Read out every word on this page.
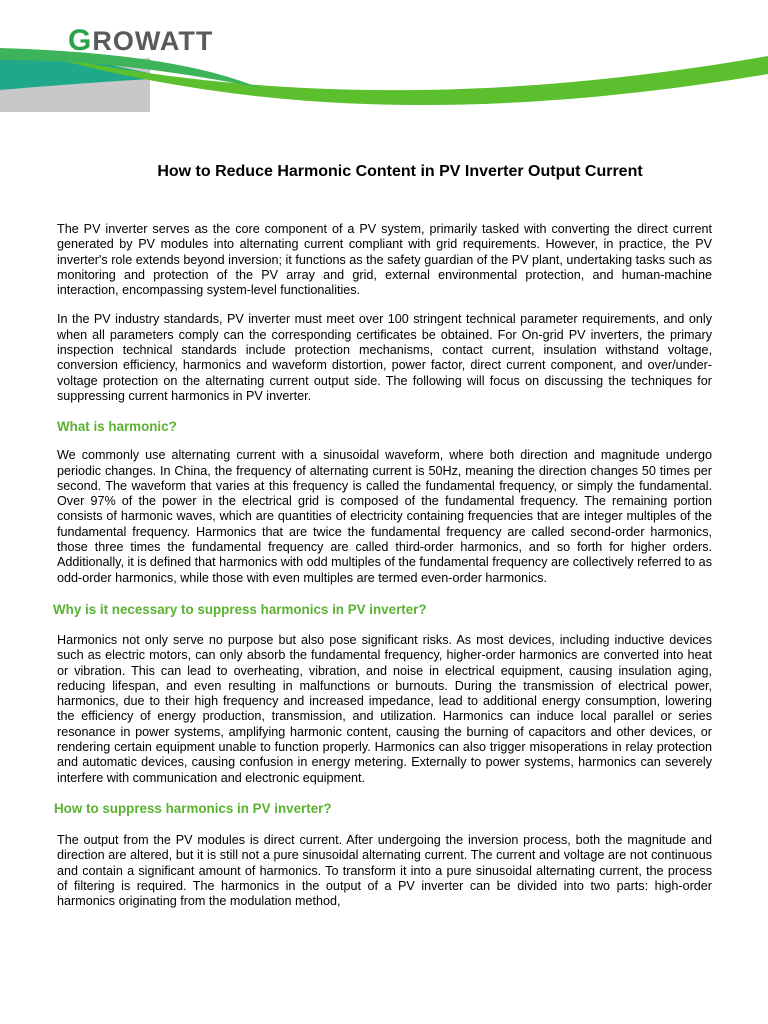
G ROWATT
How to Reduce Harmonic Content in PV Inverter Output Current

The PV inverter serves as the core component of a PV system, primarily tasked with converting the direct current generated by PV modules into alternating current compliant with grid requirements. However, in practice, the PV inverter's role extends beyond inversion; it functions as the safety guardian of the PV plant, undertaking tasks such as monitoring and protection of the PV array and grid, external environmental protection, and human-machine interaction, encompassing system-level functionalities.

In the PV industry standards, PV inverter must meet over 100 stringent technical parameter requirements, and only when all parameters comply can the corresponding certificates be obtained. For On-grid PV inverters, the primary inspection technical standards include protection mechanisms, contact current, insulation withstand voltage, conversion efficiency, harmonics and waveform distortion, power factor, direct current component, and over/under-voltage protection on the alternating current output side. The following will focus on discussing the techniques for suppressing current harmonics in PV inverter.

What is harmonic?

We commonly use alternating current with a sinusoidal waveform, where both direction and magnitude undergo periodic changes. In China, the frequency of alternating current is 50Hz, meaning the direction changes 50 times per second. The waveform that varies at this frequency is called the fundamental frequency, or simply the fundamental. Over 97% of the power in the electrical grid is composed of the fundamental frequency. The remaining portion consists of harmonic waves, which are quantities of electricity containing frequencies that are integer multiples of the fundamental frequency. Harmonics that are twice the fundamental frequency are called second-order harmonics, those three times the fundamental frequency are called third-order harmonics, and so forth for higher orders. Additionally, it is defined that harmonics with odd multiples of the fundamental frequency are collectively referred to as odd-order harmonics, while those with even multiples are termed even-order harmonics.

Why is it necessary to suppress harmonics in PV inverter?

Harmonics not only serve no purpose but also pose significant risks. As most devices, including inductive devices such as electric motors, can only absorb the fundamental frequency, higher-order harmonics are converted into heat or vibration. This can lead to overheating, vibration, and noise in electrical equipment, causing insulation aging, reducing lifespan, and even resulting in malfunctions or burnouts. During the transmission of electrical power, harmonics, due to their high frequency and increased impedance, lead to additional energy consumption, lowering the efficiency of energy production, transmission, and utilization. Harmonics can induce local parallel or series resonance in power systems, amplifying harmonic content, causing the burning of capacitors and other devices, or rendering certain equipment unable to function properly. Harmonics can also trigger misoperations in relay protection and automatic devices, causing confusion in energy metering. Externally to power systems, harmonics can severely interfere with communication and electronic equipment.

How to suppress harmonics in PV inverter?

The output from the PV modules is direct current. After undergoing the inversion process, both the magnitude and direction are altered, but it is still not a pure sinusoidal alternating current. The current and voltage are not continuous and contain a significant amount of harmonics. To transform it into a pure sinusoidal alternating current, the process of filtering is required. The harmonics in the output of a PV inverter can be divided into two parts: high-order harmonics originating from the modulation method,
